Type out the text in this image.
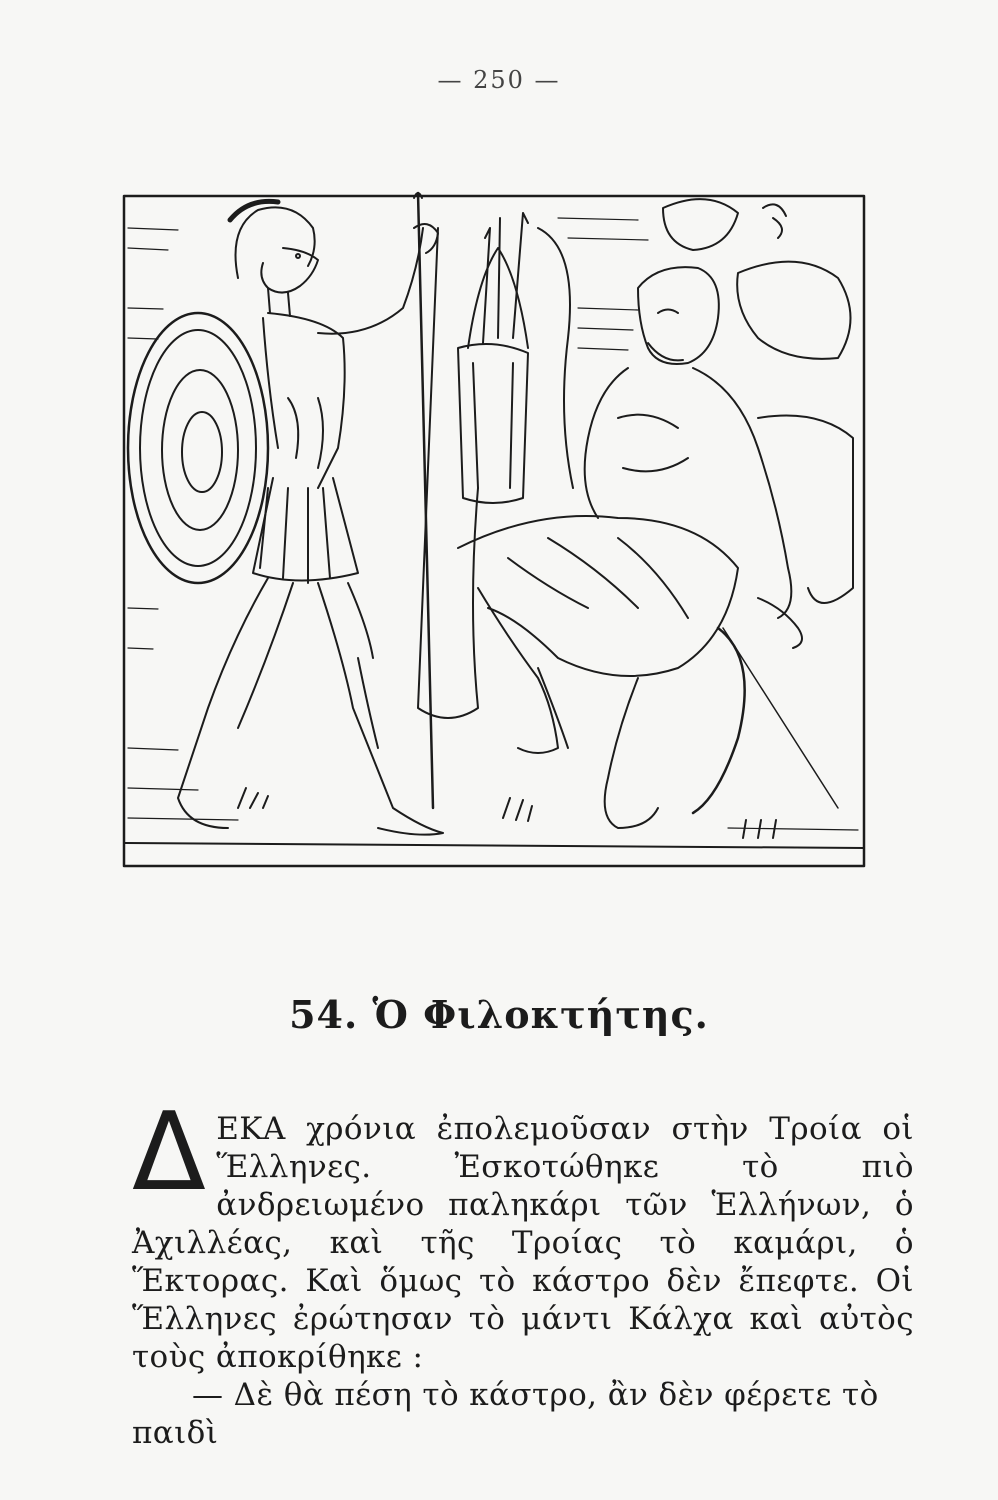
— 250 —
54. Ὁ Φιλοκτήτης.

ΔΕΚΑ χρόνια ἐπολεμοῦσαν στὴν Τροία οἱ Ἕλληνες. Ἐσκοτώθηκε τὸ πιὸ ἀνδρειωμένο παληκάρι τῶν Ἑλλήνων, ὁ Ἀχιλλέας, καὶ τῆς Τροίας τὸ καμάρι, ὁ Ἕκτορας. Καὶ ὅμως τὸ κάστρο δὲν ἔπεφτε. Οἱ Ἕλληνες ἐρώτησαν τὸ μάντι Κάλχα καὶ αὐτὸς τοὺς ἀποκρίθηκε :

— Δὲ θὰ πέση τὸ κάστρο, ἂν δὲν φέρετε τὸ παιδὶ
